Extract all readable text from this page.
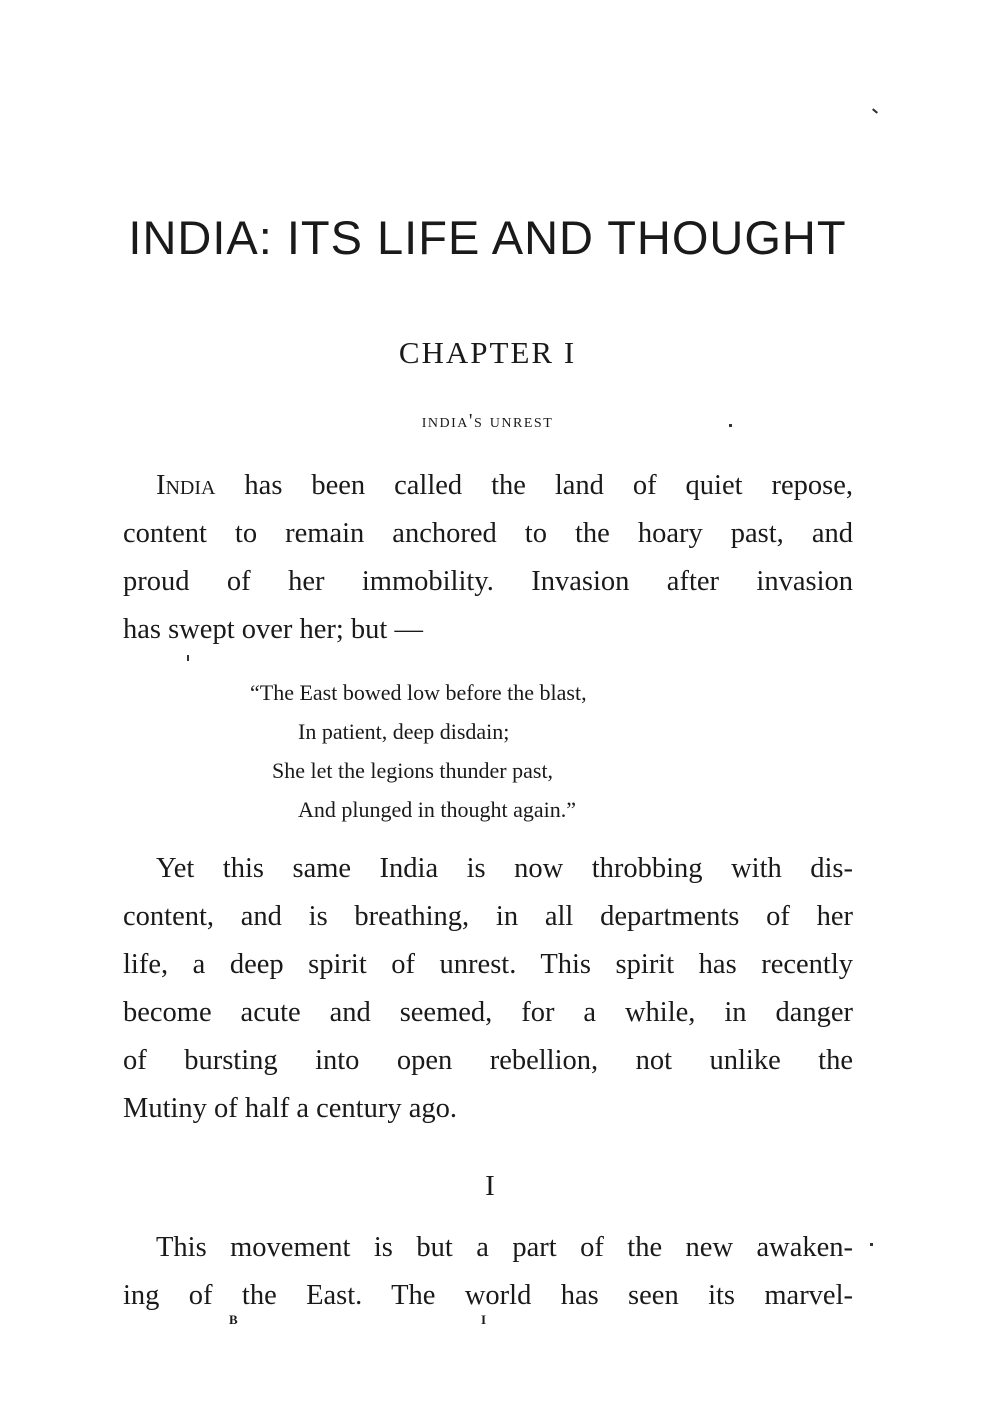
INDIA: ITS LIFE AND THOUGHT
CHAPTER I
india's unrest
India has been called the land of quiet repose,
content to remain anchored to the hoary past, and
proud of her immobility. Invasion after invasion
has swept over her; but —
“The East bowed low before the blast,
In patient, deep disdain;
She let the legions thunder past,
And plunged in thought again.”
Yet this same India is now throbbing with dis-
content, and is breathing, in all departments of her
life, a deep spirit of unrest. This spirit has recently
become acute and seemed, for a while, in danger
of bursting into open rebellion, not unlike the
Mutiny of half a century ago.
I
This movement is but a part of the new awaken-
ing of the East. The world has seen its marvel-
B	I
